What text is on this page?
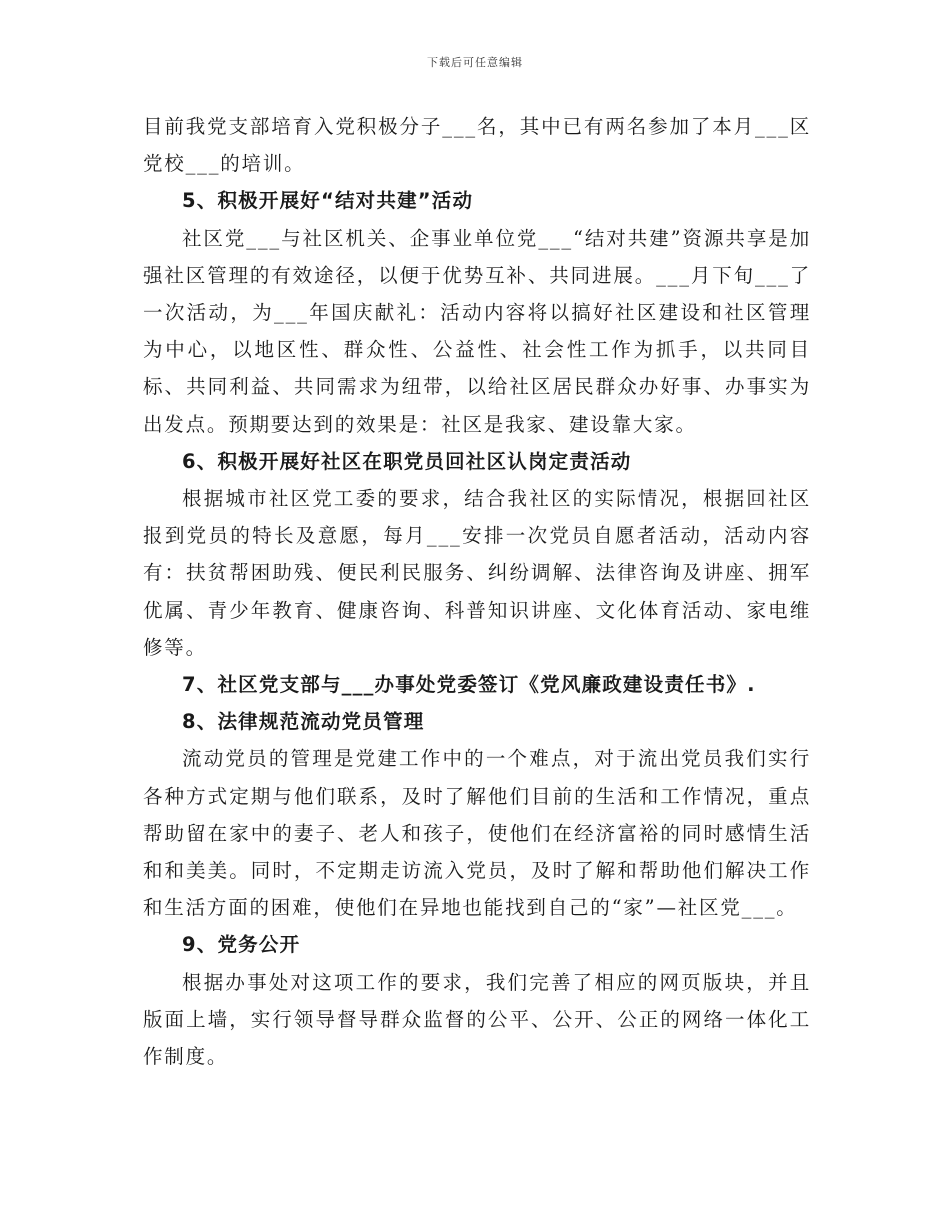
下载后可任意编辑

目前我党支部培育入党积极分子___名，其中已有两名参加了本月___区党校___的培训。

5、积极开展好“结对共建”活动

社区党___与社区机关、企事业单位党___“结对共建”资源共享是加强社区管理的有效途径，以便于优势互补、共同进展。___月下旬___了一次活动，为___年国庆献礼：活动内容将以搞好社区建设和社区管理为中心，以地区性、群众性、公益性、社会性工作为抓手，以共同目标、共同利益、共同需求为纽带，以给社区居民群众办好事、办事实为出发点。预期要达到的效果是：社区是我家、建设靠大家。

6、积极开展好社区在职党员回社区认岗定责活动

根据城市社区党工委的要求，结合我社区的实际情况，根据回社区报到党员的特长及意愿，每月___安排一次党员自愿者活动，活动内容有：扶贫帮困助残、便民利民服务、纠纷调解、法律咨询及讲座、拥军优属、青少年教育、健康咨询、科普知识讲座、文化体育活动、家电维修等。

7、社区党支部与___办事处党委签订《党风廉政建设责任书》.

8、法律规范流动党员管理

流动党员的管理是党建工作中的一个难点，对于流出党员我们实行各种方式定期与他们联系，及时了解他们目前的生活和工作情况，重点帮助留在家中的妻子、老人和孩子，使他们在经济富裕的同时感情生活和和美美。同时，不定期走访流入党员，及时了解和帮助他们解决工作和生活方面的困难，使他们在异地也能找到自己的“家”—社区党___。

9、党务公开

根据办事处对这项工作的要求，我们完善了相应的网页版块，并且版面上墙，实行领导督导群众监督的公平、公开、公正的网络一体化工作制度。
